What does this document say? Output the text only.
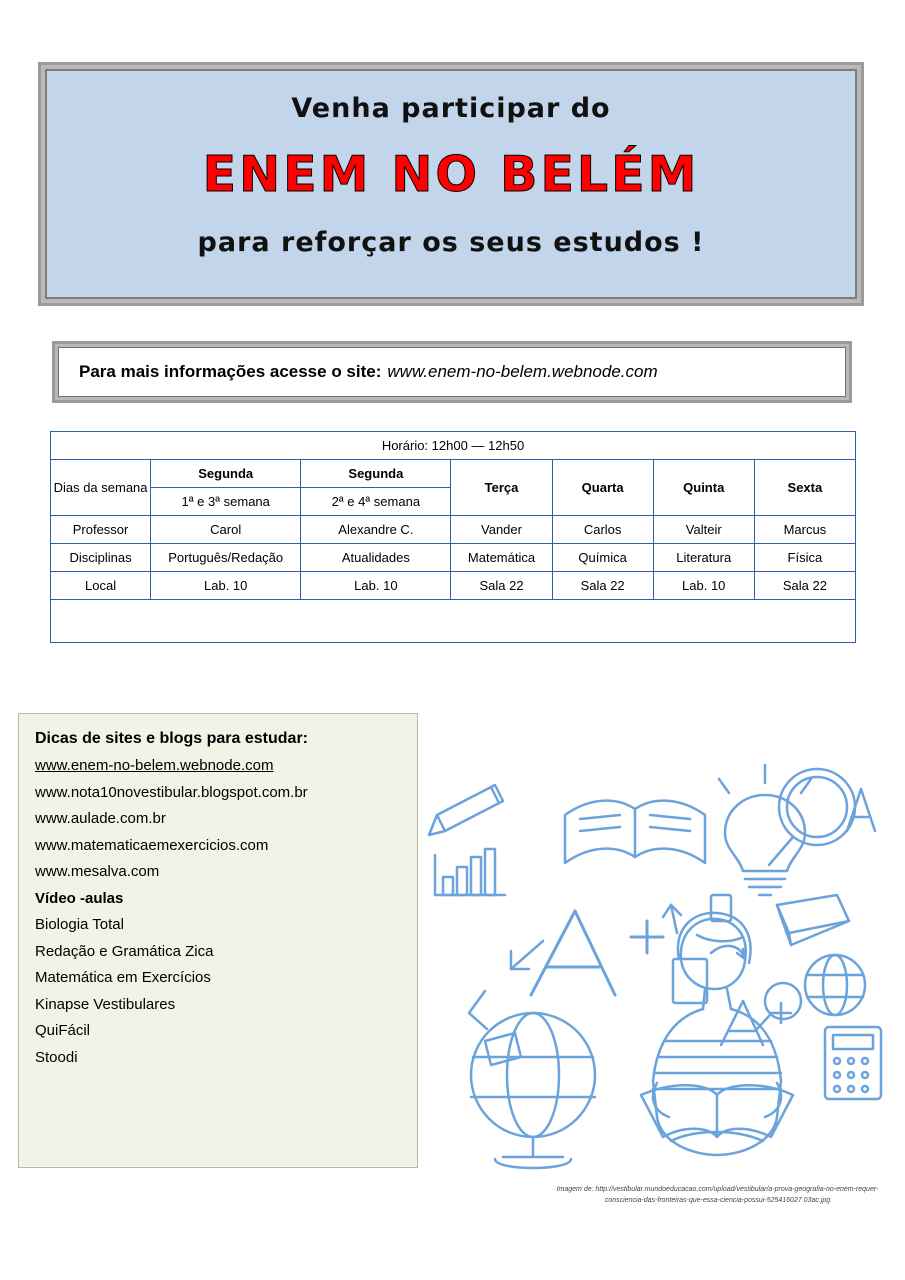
Venha participar do
ENEM NO BELÉM
para reforçar os seus estudos !
Para mais informações acesse o site: www.enem-no-belem.webnode.com
Horário: 12h00 — 12h50						
Dias da semana	Segunda	Segunda	Terça	Quarta	Quinta	Sexta
	1ª e 3ª semana	2ª e 4ª semana				
Professor	Carol	Alexandre C.	Vander	Carlos	Valteir	Marcus
Disciplinas	Português/Redação	Atualidades	Matemática	Química	Literatura	Física
Local	Lab. 10	Lab. 10	Sala 22	Sala 22	Lab. 10	Sala 22

Dicas de sites e blogs para estudar:
www.enem-no-belem.webnode.com
www.nota10novestibular.blogspot.com.br
www.aulade.com.br
www.matematicaemexercicios.com
www.mesalva.com
Vídeo -aulas
Biologia Total
Redação e Gramática Zica
Matemática em Exercícios
Kinapse Vestibulares
QuiFácil
Stoodi
Imagem de: http://vestibular.mundoeducacao.com/upload/vestibular/a-prova-geografia-no-enem-requer-consciencia-das-fronteiras-que-essa-ciencia-possui-525416027 03ac.jpg
